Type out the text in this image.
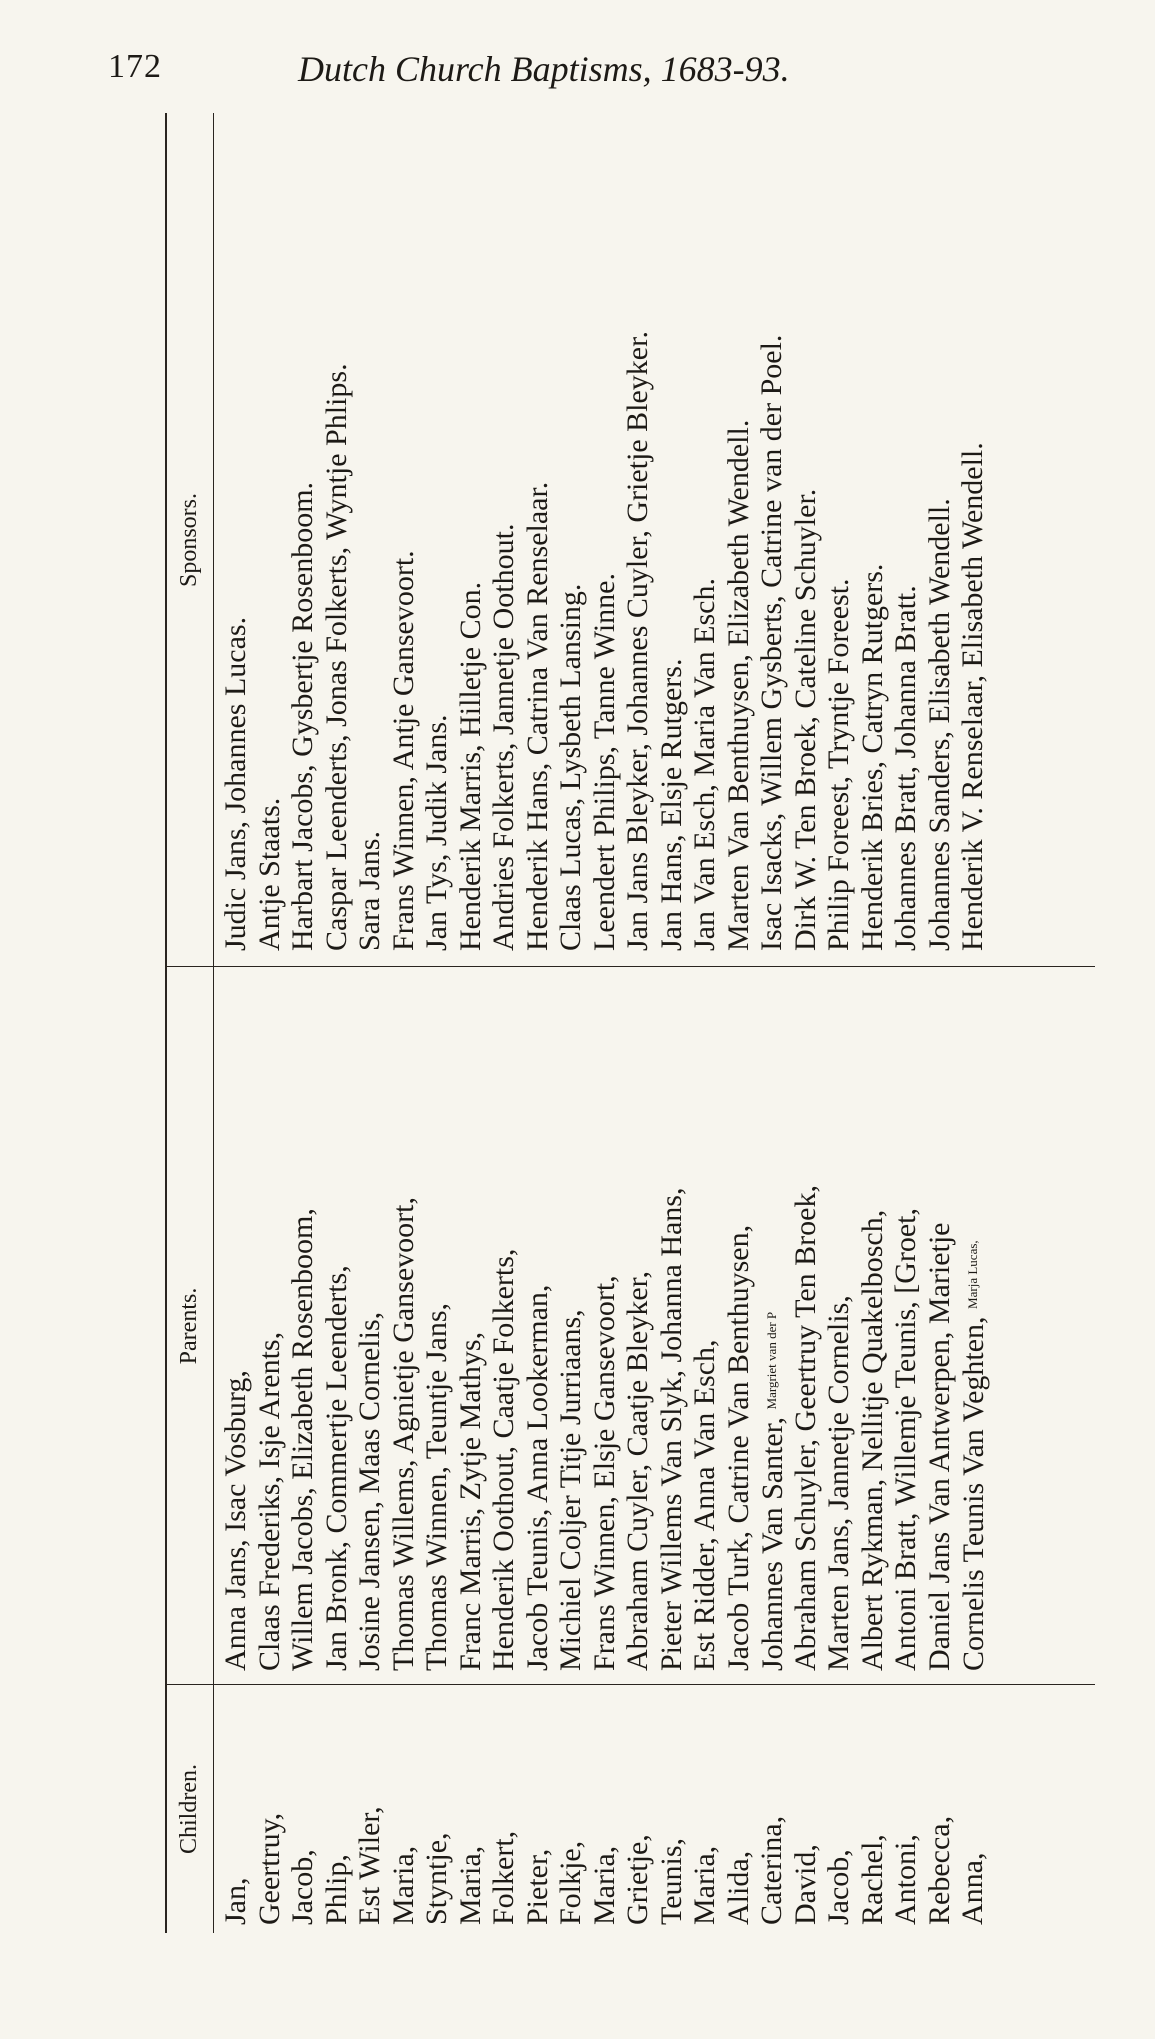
172	Dutch Church Baptisms, 1683-93.
Children.
Parents.
Sponsors.
Jan,
Anna Jans, Isac Vosburg,
Judic Jans, Johannes Lucas.
Geertruy,
Claas Frederiks, Isje Arents,
Antje Staats.
Jacob,
Willem Jacobs, Elizabeth Rosenboom,
Harbart Jacobs, Gysbertje Rosenboom.
Phlip,
Jan Bronk, Commertje Leenderts,
Caspar Leenderts, Jonas Folkerts, Wyntje Phlips.
Est Wiler,
Josine Jansen, Maas Cornelis,
Sara Jans.
Maria,
Thomas Willems, Agnietje Gansevoort,
Frans Winnen, Antje Gansevoort.
Styntje,
Thomas Winnen, Teuntje Jans,
Jan Tys, Judik Jans.
Maria,
Franc Marris, Zytje Mathys,
Henderik Marris, Hilletje Con.
Folkert,
Henderik Oothout, Caatje Folkerts,
Andries Folkerts, Jannetje Oothout.
Pieter,
Jacob Teunis, Anna Lookerman,
Henderik Hans, Catrina Van Renselaar.
Folkje,
Michiel Coljer Titje Jurriaans,
Claas Lucas, Lysbeth Lansing.
Maria,
Frans Winnen, Elsje Gansevoort,
Leendert Philips, Tanne Winne.
Grietje,
Abraham Cuyler, Caatje Bleyker,
Jan Jans Bleyker, Johannes Cuyler, Grietje Bleyker.
Teunis,
Pieter Willems Van Slyk, Johanna Hans,
Jan Hans, Elsje Rutgers.
Maria,
Est Ridder, Anna Van Esch,
Jan Van Esch, Maria Van Esch.
Alida,
Jacob Turk, Catrine Van Benthuysen,
Marten Van Benthuysen, Elizabeth Wendell.
Caterina,
Johannes Van Santer, $^{Margriet van der P}$
Isac Isacks, Willem Gysberts, Catrine van der Poel.
David,
Abraham Schuyler, Geertruy Ten Broek,
Dirk W. Ten Broek, Cateline Schuyler.
Jacob,
Marten Jans, Jannetje Cornelis,
Philip Foreest, Tryntje Foreest.
Rachel,
Albert Rykman, Nellitje Quakelbosch,
Henderik Bries, Catryn Rutgers.
Antoni,
Antoni Bratt, Willemje Teunis, [Groet,
Johannes Bratt, Johanna Bratt.
Rebecca,
Daniel Jans Van Antwerpen, Marietje
Johannes Sanders, Elisabeth Wendell.
Anna,
Cornelis Teunis Van Veghten, $^{Marja Lucas,}$
Henderik V. Renselaar, Elisabeth Wendell.
